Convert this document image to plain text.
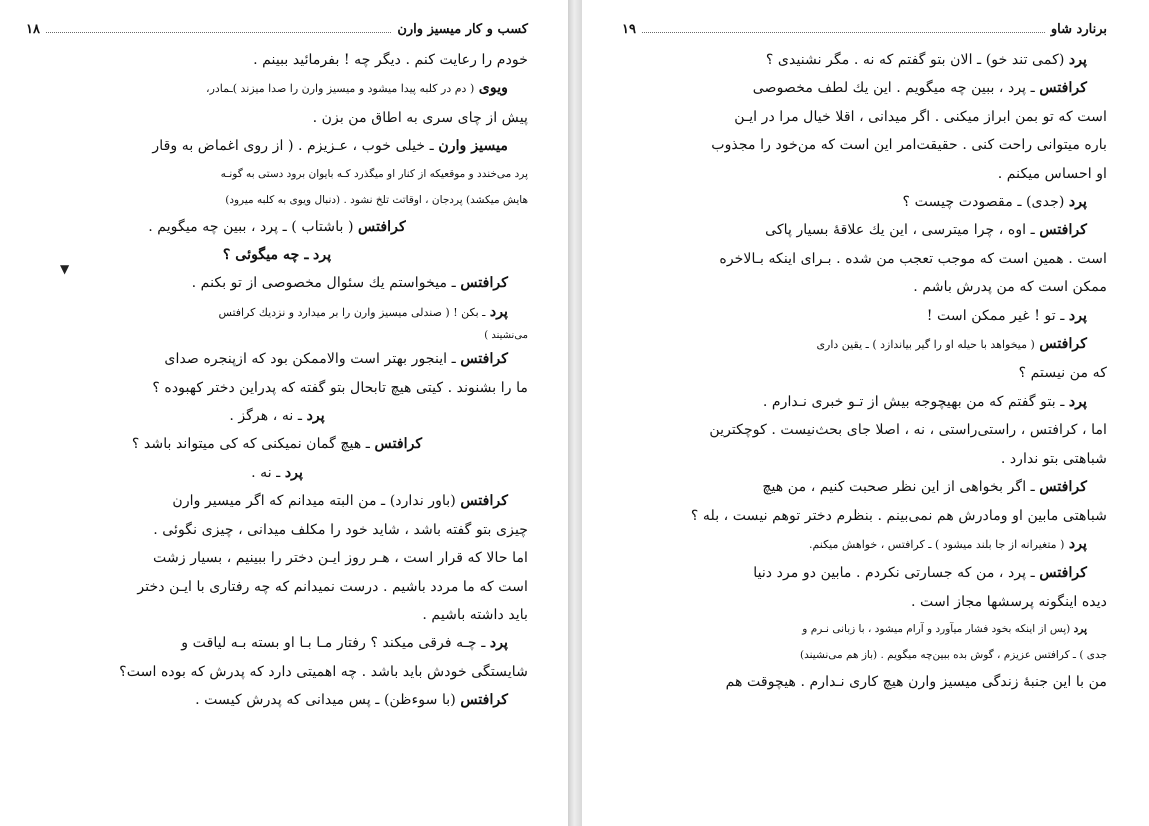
۱۸	کسب و کار میسیز وارن

خودم را رعایت کنم . دیگر چه ! بفرمائید ببینم .

ویوی ( دم در کلبه پیدا میشود و میسیز وارن را صدا میزند )ـمادر،

پیش از چای سری به اطاق من بزن .

میسیز وارن ـ خیلی خوب ، عـزیزم . ( از روی اغماض به وقار

پرد می‌خندد و موقعیکه از کنار او میگذرد کـه بایوان برود دستی به گونـه

هایش میکشد) پردجان ، اوقاتت تلخ نشود . (دنبال ویوی به کلبه میرود)

کرافتس ( باشتاب ) ـ پرد ، ببین چه میگویم .

پرد ـ چه میگوئی ؟

کرافتس ـ میخواستم یك سئوال مخصوصی از تو بکنم .

پرد ـ بکن ! ( صندلی میسیز وارن را بر میدارد و نزدیك کرافتس

می‌نشیند )

کرافتس ـ اینجور بهتر است والاممکن بود که ازپنجره صدای

ما را بشنوند . کیتی هیچ تابحال بتو گفته که پدراین دختر کهبوده ؟

پرد ـ نه ، هرگز .

کرافتس ـ هیچ گمان نمیکنی که کی میتواند باشد ؟

پرد ـ نه .

کرافتس (باور ندارد) ـ من البته میدانم که اگر میسیر وارن

چیزی بتو گفته باشد ، شاید خود را مکلف میدانی ، چیزی نگوئی .

اما حالا که قرار است ، هـر روز ایـن دختر را ببینیم ، بسیار زشت

است که ما مردد باشیم . درست نمیدانم که چه رفتاری با ایـن دختر

باید داشته باشیم .

پرد ـ چـه فرقی میکند ؟ رفتار مـا بـا او بسته بـه لیاقت و

شایستگی خودش باید باشد . چه اهمیتی دارد که پدرش که بوده است؟

کرافتس (با سوءظن) ـ پس میدانی که پدرش کیست .

▼
۱۹	برنارد شاو

پرد (کمی تند خو) ـ الان بتو گفتم که نه . مگر نشنیدی ؟

کرافتس ـ پرد ، ببین چه میگویم . این یك لطف مخصوصی

است که تو بمن ابراز میکنی . اگر میدانی ، اقلا خیال مرا در ایـن

باره میتوانی راحت کنی . حقیقت‌امر این است که من‌خود را مجذوب

او احساس میکنم .

پرد (جدی) ـ مقصودت چیست ؟

کرافتس ـ اوه ، چرا میترسی ، این یك علاقهٔ بسیار پاکی

است . همین است که موجب تعجب من شده . بـرای اینکه بـالاخره

ممکن است که من پدرش باشم .

پرد ـ تو ! غیر ممکن است !

کرافتس ( میخواهد با حیله او را گیر بیاندازد ) ـ یقین داری

که من نیستم ؟

پرد ـ بتو گفتم که من بهیچوجه بیش از تـو خبری نـدارم .

اما ، کرافتس ، راستی‌راستی ، نه ، اصلا جای بحث‌نیست . کوچکترین

شباهتی بتو ندارد .

کرافتس ـ اگر بخواهی از این نظر صحبت کنیم ، من هیچ

شباهتی مابین او ومادرش هم نمی‌بینم . بنظرم دختر توهم نیست ، بله ؟

پرد ( متغیرانه از جا بلند میشود ) ـ کرافتس ، خواهش میکنم.

کرافتس ـ پرد ، من که جسارتی نکردم . مابین دو مرد دنیا

دیده اینگونه پرسشها مجاز است .

پرد (پس از اینکه بخود فشار میآورد و آرام میشود ، با زبانی نـرم و

جدی ) ـ کرافتس عزیزم ، گوش بده ببین‌چه میگویم . (باز هم می‌نشیند)

من با این جنبهٔ زندگی میسیز وارن هیچ کاری نـدارم . هیچوقت هم
